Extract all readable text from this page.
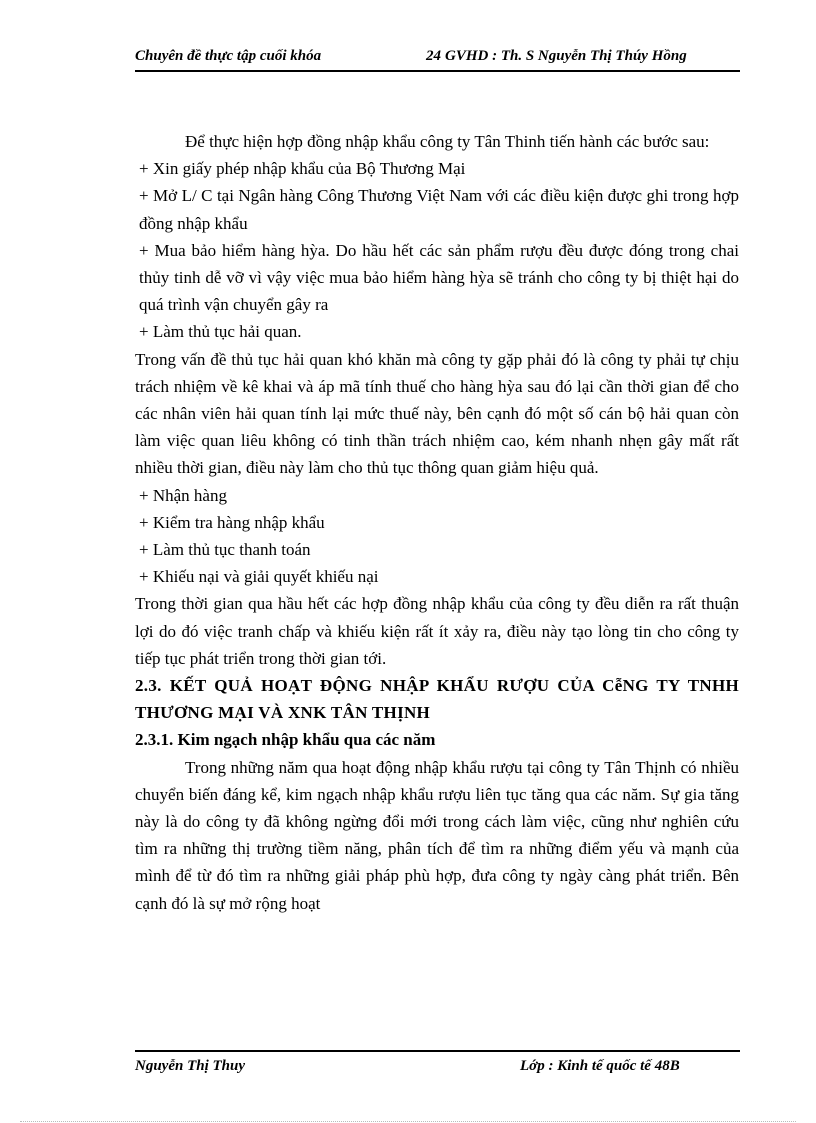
Chuyên đề thực tập cuối khóa	24 GVHD : Th. S Nguyễn Thị Thúy Hồng

Để thực hiện hợp đồng nhập khẩu công ty Tân Thinh tiến hành các bước sau:

+ Xin giấy phép nhập khẩu của Bộ Thương Mại

+ Mở L/ C tại Ngân hàng Công Thương Việt Nam với các điều kiện được ghi trong hợp đồng nhập khẩu

+ Mua bảo hiểm hàng hỳa. Do hầu hết các sản phẩm rượu đều được đóng trong chai thủy tinh dễ vỡ vì vậy việc mua bảo hiểm hàng hỳa sẽ tránh cho công ty bị thiệt hại do quá trình vận chuyển gây ra

+ Làm thủ tục hải quan.

Trong vấn đề thủ tục hải quan khó khăn mà công ty gặp phải đó là công ty phải tự chịu trách nhiệm về kê khai và áp mã tính thuế cho hàng hỳa sau đó lại cần thời gian để cho các nhân viên hải quan tính lại mức thuế này, bên cạnh đó một số cán bộ hải quan còn làm việc quan liêu không có tinh thần trách nhiệm cao, kém nhanh nhẹn gây mất rất nhiều thời gian, điều này làm cho thủ tục thông quan giảm hiệu quả.

+ Nhận hàng

+ Kiểm tra hàng nhập khẩu

+ Làm thủ tục thanh toán

+ Khiếu nại và giải quyết khiếu nại

Trong thời gian qua hầu hết các hợp đồng nhập khẩu của công ty đều diễn ra rất thuận lợi do đó việc tranh chấp và khiếu kiện rất ít xảy ra, điều này tạo lòng tin cho công ty tiếp tục phát triển trong thời gian tới.

2.3. KẾT QUẢ HOẠT ĐỘNG NHẬP KHẨU RƯỢU CỦA CễNG TY TNHH THƯƠNG MẠI VÀ XNK TÂN THỊNH

2.3.1. Kim ngạch nhập khẩu qua các năm

Trong những năm qua hoạt động nhập khẩu rượu tại công ty Tân Thịnh có nhiều chuyển biến đáng kể, kim ngạch nhập khẩu rượu liên tục tăng qua các năm. Sự gia tăng này là do công ty đã không ngừng đổi mới trong cách làm việc, cũng như nghiên cứu tìm ra những thị trường tiềm năng, phân tích để tìm ra những điểm yếu và mạnh của mình để từ đó tìm ra những giải pháp phù hợp, đưa công ty ngày càng phát triển. Bên cạnh đó là sự mở rộng hoạt

Nguyễn Thị Thuy	Lớp : Kinh tế quốc tế 48B
